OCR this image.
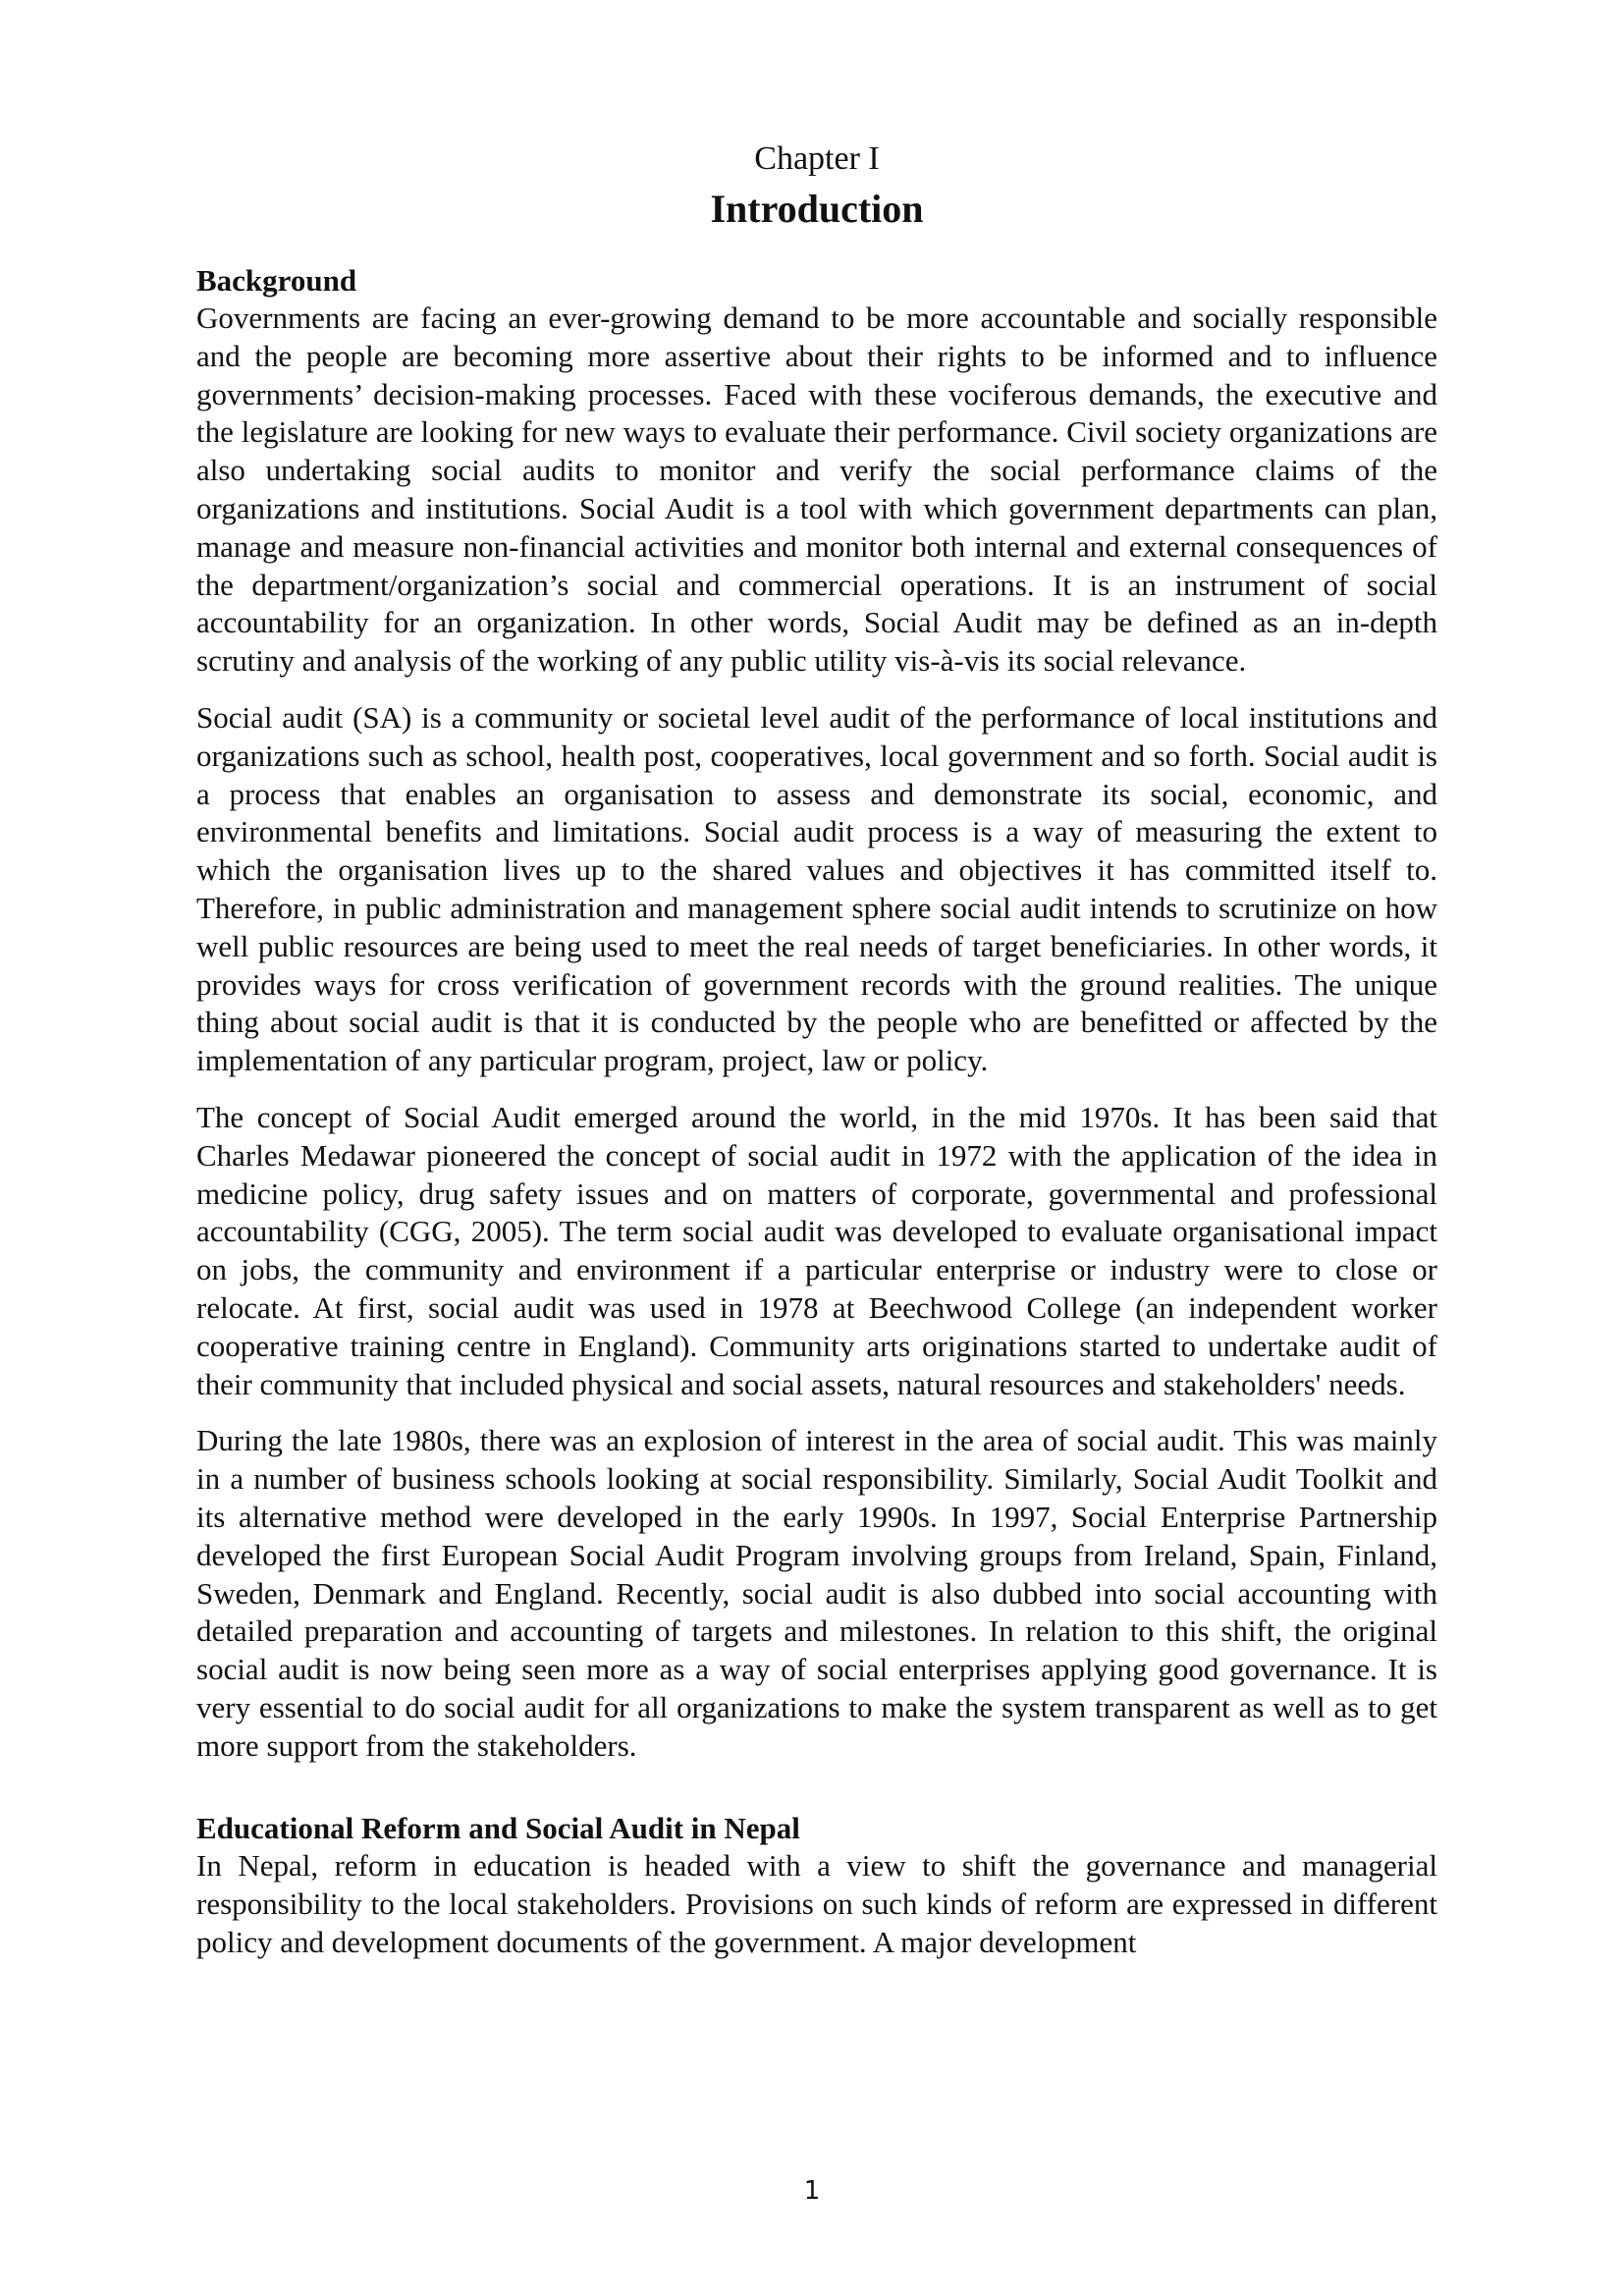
Chapter I
Introduction
Background

Governments are facing an ever-growing demand to be more accountable and socially responsible and the people are becoming more assertive about their rights to be informed and to influence governments’ decision-making processes. Faced with these vociferous demands, the executive and the legislature are looking for new ways to evaluate their performance. Civil society organizations are also undertaking social audits to monitor and verify the social performance claims of the organizations and institutions. Social Audit is a tool with which government departments can plan, manage and measure non-financial activities and monitor both internal and external consequences of the department/organization’s social and commercial operations. It is an instrument of social accountability for an organization. In other words, Social Audit may be defined as an in-depth scrutiny and analysis of the working of any public utility vis-à-vis its social relevance.

Social audit (SA) is a community or societal level audit of the performance of local institutions and organizations such as school, health post, cooperatives, local government and so forth. Social audit is a process that enables an organisation to assess and demonstrate its social, economic, and environmental benefits and limitations. Social audit process is a way of measuring the extent to which the organisation lives up to the shared values and objectives it has committed itself to. Therefore, in public administration and management sphere social audit intends to scrutinize on how well public resources are being used to meet the real needs of target beneficiaries. In other words, it provides ways for cross verification of government records with the ground realities. The unique thing about social audit is that it is conducted by the people who are benefitted or affected by the implementation of any particular program, project, law or policy.

The concept of Social Audit emerged around the world, in the mid 1970s. It has been said that Charles Medawar pioneered the concept of social audit in 1972 with the application of the idea in medicine policy, drug safety issues and on matters of corporate, governmental and professional accountability (CGG, 2005). The term social audit was developed to evaluate organisational impact on jobs, the community and environment if a particular enterprise or industry were to close or relocate. At first, social audit was used in 1978 at Beechwood College (an independent worker cooperative training centre in England). Community arts originations started to undertake audit of their community that included physical and social assets, natural resources and stakeholders' needs.

During the late 1980s, there was an explosion of interest in the area of social audit. This was mainly in a number of business schools looking at social responsibility. Similarly, Social Audit Toolkit and its alternative method were developed in the early 1990s. In 1997, Social Enterprise Partnership developed the first European Social Audit Program involving groups from Ireland, Spain, Finland, Sweden, Denmark and England. Recently, social audit is also dubbed into social accounting with detailed preparation and accounting of targets and milestones. In relation to this shift, the original social audit is now being seen more as a way of social enterprises applying good governance. It is very essential to do social audit for all organizations to make the system transparent as well as to get more support from the stakeholders.

Educational Reform and Social Audit in Nepal

In Nepal, reform in education is headed with a view to shift the governance and managerial responsibility to the local stakeholders. Provisions on such kinds of reform are expressed in different policy and development documents of the government. A major development

1
